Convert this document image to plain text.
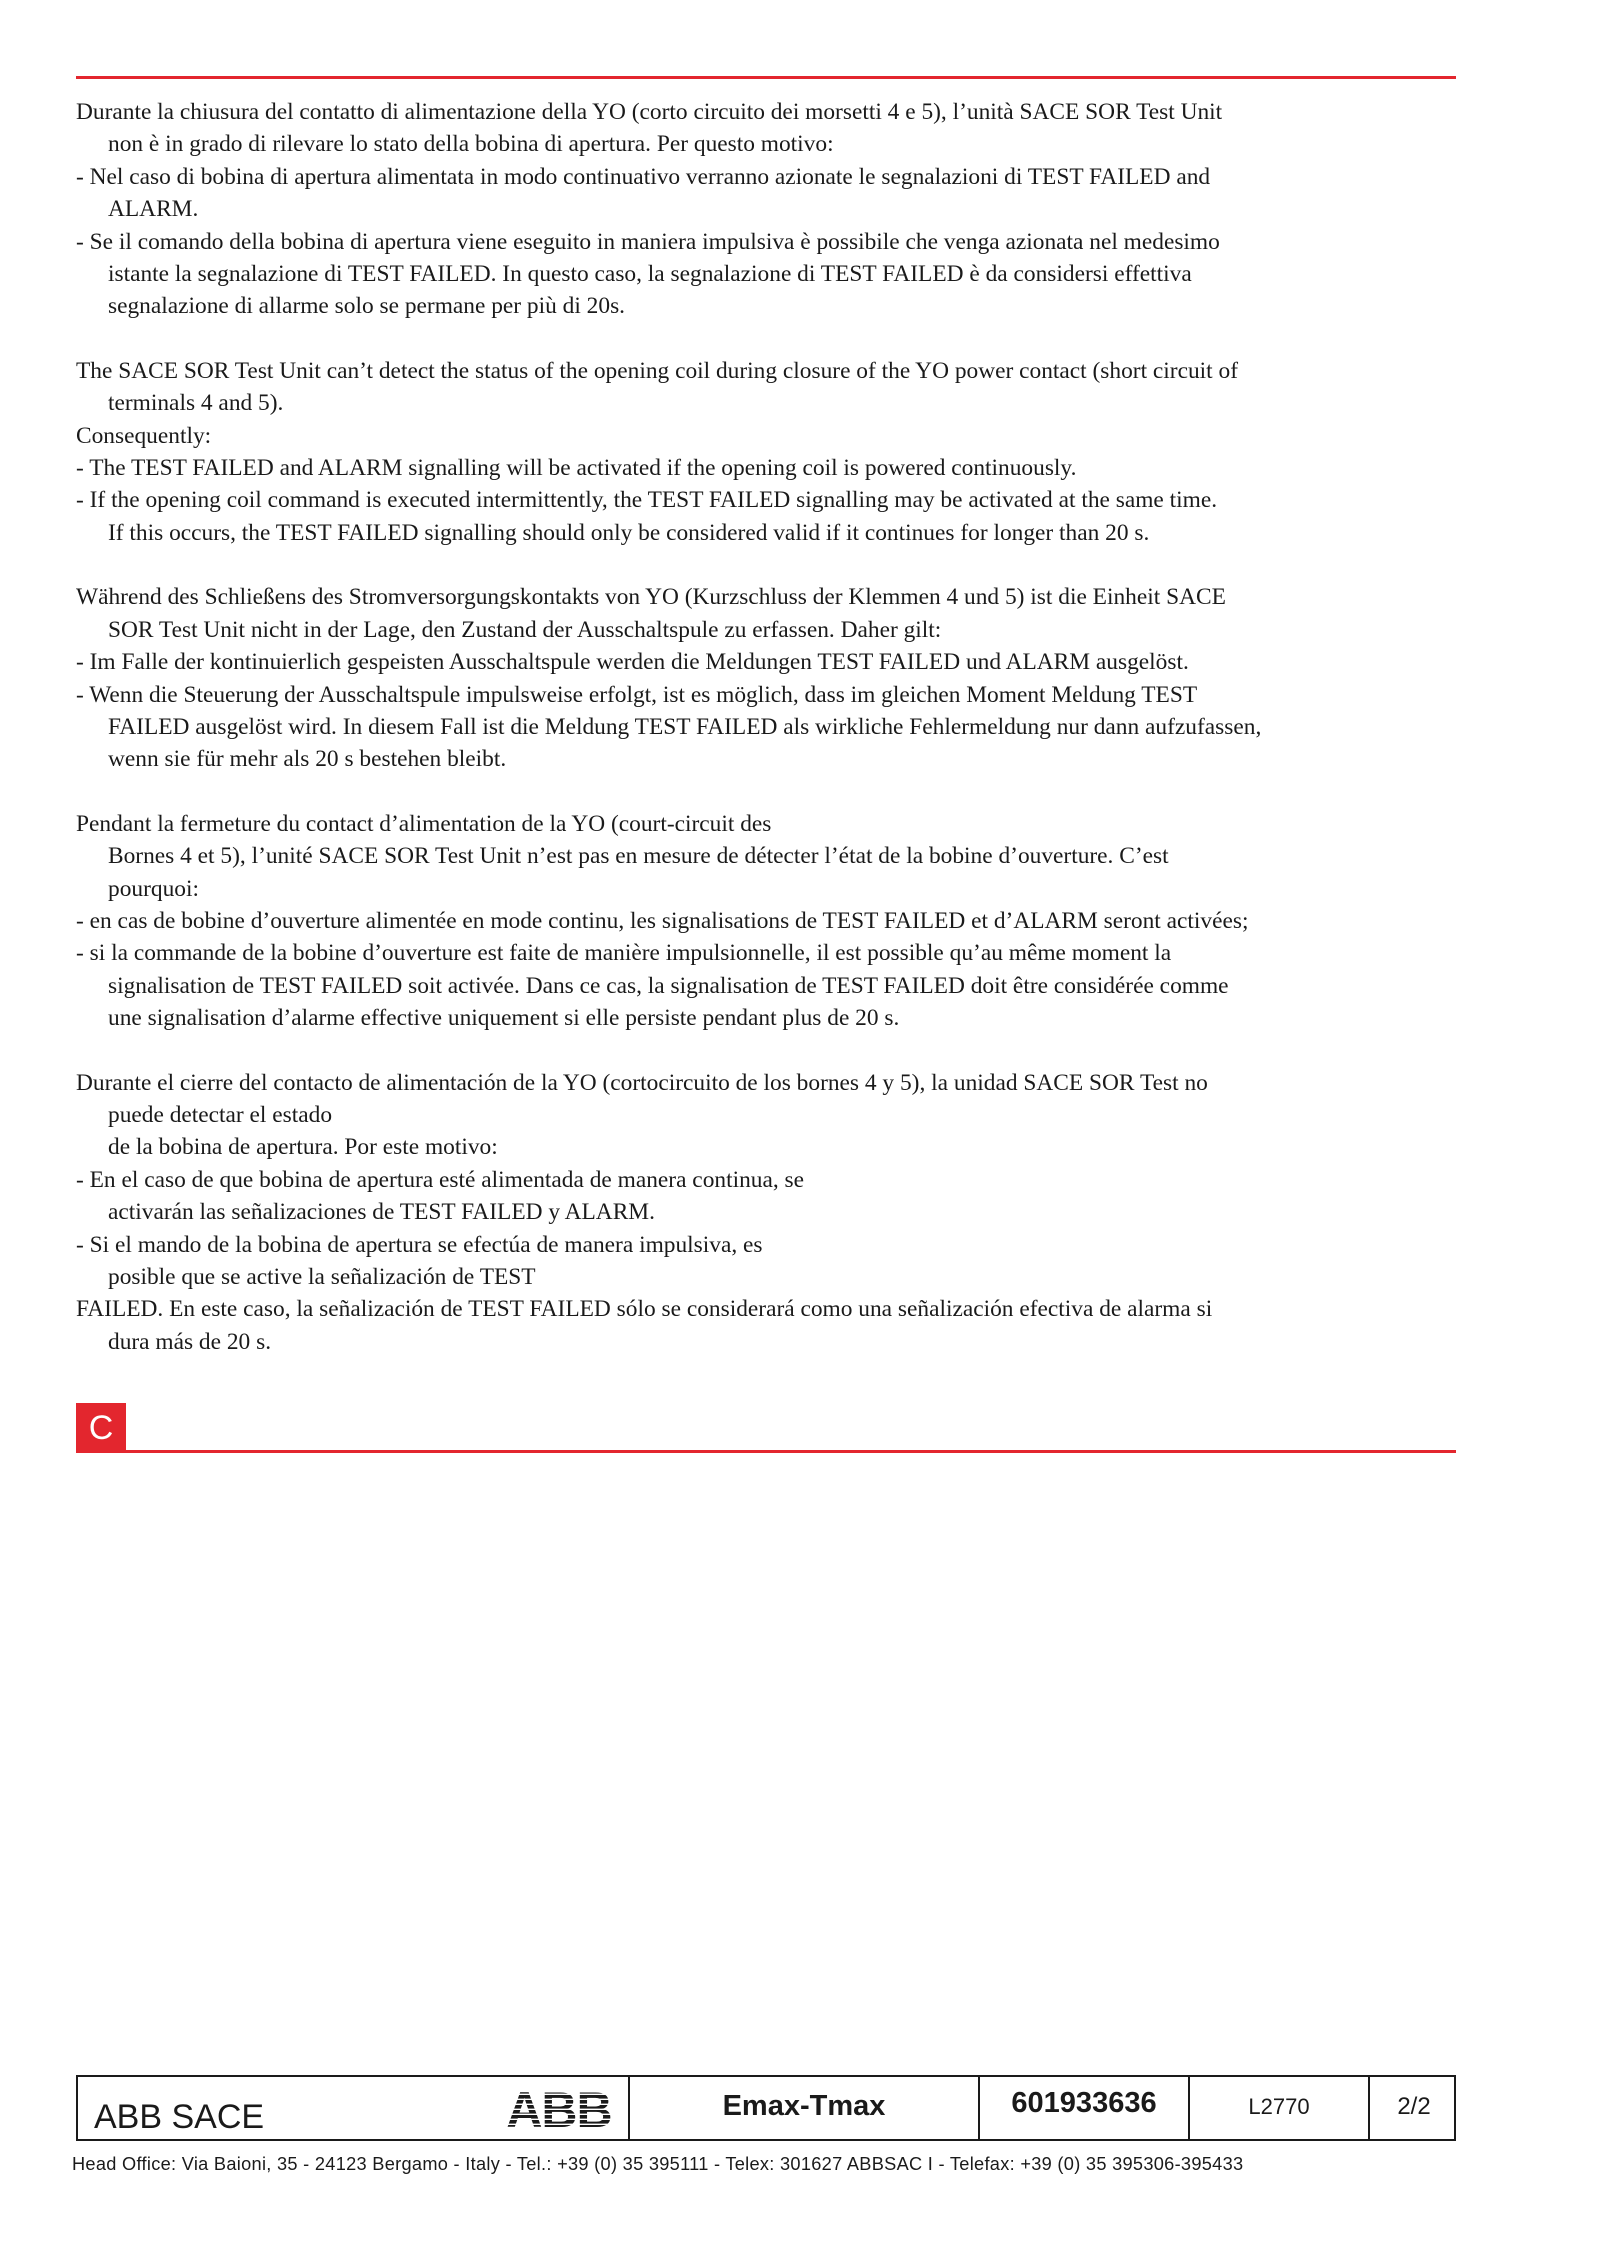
Durante la chiusura del contatto di alimentazione della YO (corto circuito dei morsetti 4 e 5), l’unità SACE SOR Test Unit
non è in grado di rilevare lo stato della bobina di apertura. Per questo motivo:
- Nel caso di bobina di apertura alimentata in modo continuativo verranno azionate le segnalazioni di TEST FAILED and
ALARM.
- Se il comando della bobina di apertura viene eseguito in maniera impulsiva è possibile che venga azionata nel medesimo
istante la segnalazione di TEST FAILED. In questo caso, la segnalazione di TEST FAILED è da considersi effettiva
segnalazione di allarme solo se permane per più di 20s.
The SACE SOR Test Unit can’t detect the status of the opening coil during closure of the YO power contact (short circuit of
terminals 4 and 5).
Consequently:
- The TEST FAILED and ALARM signalling will be activated if the opening coil is powered continuously.
- If the opening coil command is executed intermittently, the TEST FAILED signalling may be activated at the same time.
If this occurs, the TEST FAILED signalling should only be considered valid if it continues for longer than 20 s.
Während des Schließens des Stromversorgungskontakts von YO (Kurzschluss der Klemmen 4 und 5) ist die Einheit SACE
SOR Test Unit nicht in der Lage, den Zustand der Ausschaltspule zu erfassen. Daher gilt:
- Im Falle der kontinuierlich gespeisten Ausschaltspule werden die Meldungen TEST FAILED und ALARM ausgelöst.
- Wenn die Steuerung der Ausschaltspule impulsweise erfolgt, ist es möglich, dass im gleichen Moment Meldung TEST
FAILED ausgelöst wird. In diesem Fall ist die Meldung TEST FAILED als wirkliche Fehlermeldung nur dann aufzufassen,
wenn sie für mehr als 20 s bestehen bleibt.
Pendant la fermeture du contact d’alimentation de la YO (court-circuit des
Bornes 4 et 5), l’unité SACE SOR Test Unit n’est pas en mesure de détecter l’état de la bobine d’ouverture. C’est
pourquoi:
- en cas de bobine d’ouverture alimentée en mode continu, les signalisations de TEST FAILED et d’ALARM seront activées;
- si la commande de la bobine d’ouverture est faite de manière impulsionnelle, il est possible qu’au même moment la
signalisation de TEST FAILED soit activée. Dans ce cas, la signalisation de TEST FAILED doit être considérée comme
une signalisation d’alarme effective uniquement si elle persiste pendant plus de 20 s.
Durante el cierre del contacto de alimentación de la YO (cortocircuito de los bornes 4 y 5), la unidad SACE SOR Test no
puede detectar el estado
de la bobina de apertura. Por este motivo:
- En el caso de que bobina de apertura esté alimentada de manera continua, se
activarán las señalizaciones de TEST FAILED y ALARM.
- Si el mando de la bobina de apertura se efectúa de manera impulsiva, es
posible que se active la señalización de TEST
FAILED. En este caso, la señalización de TEST FAILED sólo se considerará como una señalización efectiva de alarma si
dura más de 20 s.
C
ABB SACE	ABB	Emax-Tmax	601933636	L2770	2/2
Head Office: Via Baioni, 35 - 24123 Bergamo - Italy - Tel.: +39 (0) 35 395111 - Telex: 301627 ABBSAC I - Telefax: +39 (0) 35 395306-395433
